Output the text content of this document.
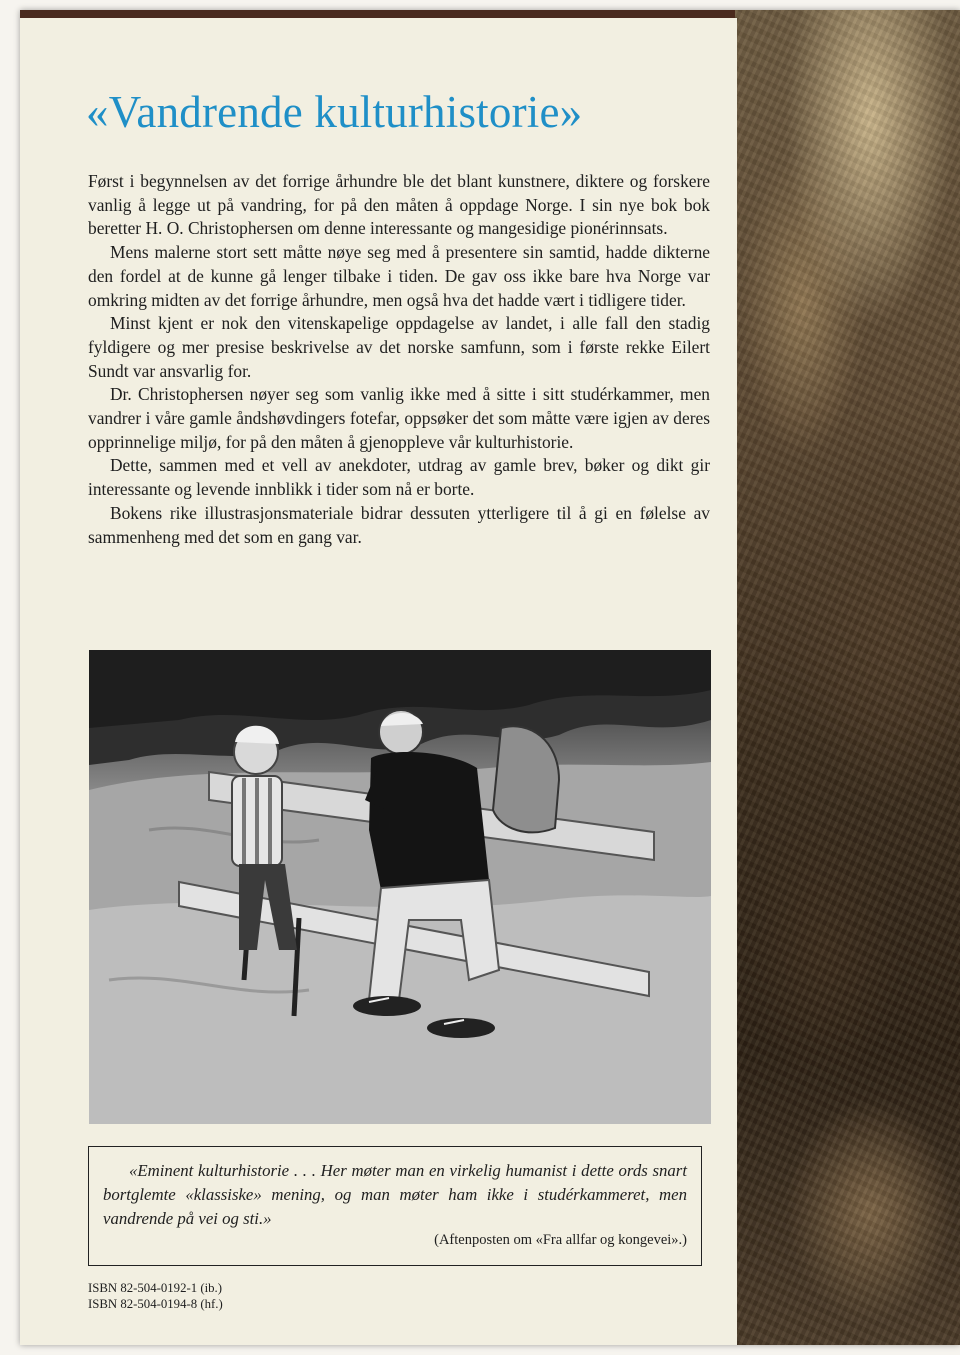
«Vandrende kulturhistorie»

Først i begynnelsen av det forrige århundre ble det blant kunstnere, diktere og forskere vanlig å legge ut på vandring, for på den måten å oppdage Norge. I sin nye bok bok beretter H. O. Christophersen om denne interessante og mangesidige pionérinnsats.

Mens malerne stort sett måtte nøye seg med å presentere sin samtid, hadde dikterne den fordel at de kunne gå lenger tilbake i tiden. De gav oss ikke bare hva Norge var omkring midten av det forrige århundre, men også hva det hadde vært i tidligere tider.

Minst kjent er nok den vitenskapelige oppdagelse av landet, i alle fall den stadig fyldigere og mer presise beskrivelse av det norske samfunn, som i første rekke Eilert Sundt var ansvarlig for.

Dr. Christophersen nøyer seg som vanlig ikke med å sitte i sitt studérkammer, men vandrer i våre gamle åndshøvdingers fotefar, oppsøker det som måtte være igjen av deres opprinnelige miljø, for på den måten å gjenoppleve vår kulturhistorie.

Dette, sammen med et vell av anekdoter, utdrag av gamle brev, bøker og dikt gir interessante og levende innblikk i tider som nå er borte.

Bokens rike illustrasjonsmateriale bidrar dessuten ytterligere til å gi en følelse av sammenheng med det som en gang var.

«Eminent kulturhistorie . . . Her møter man en virkelig humanist i dette ords snart bortglemte «klassiske» mening, og man møter ham ikke i studérkammeret, men vandrende på vei og sti.»

(Aftenposten om «Fra allfar og kongevei».)
ISBN 82-504-0192-1 (ib.)
ISBN 82-504-0194-8 (hf.)
